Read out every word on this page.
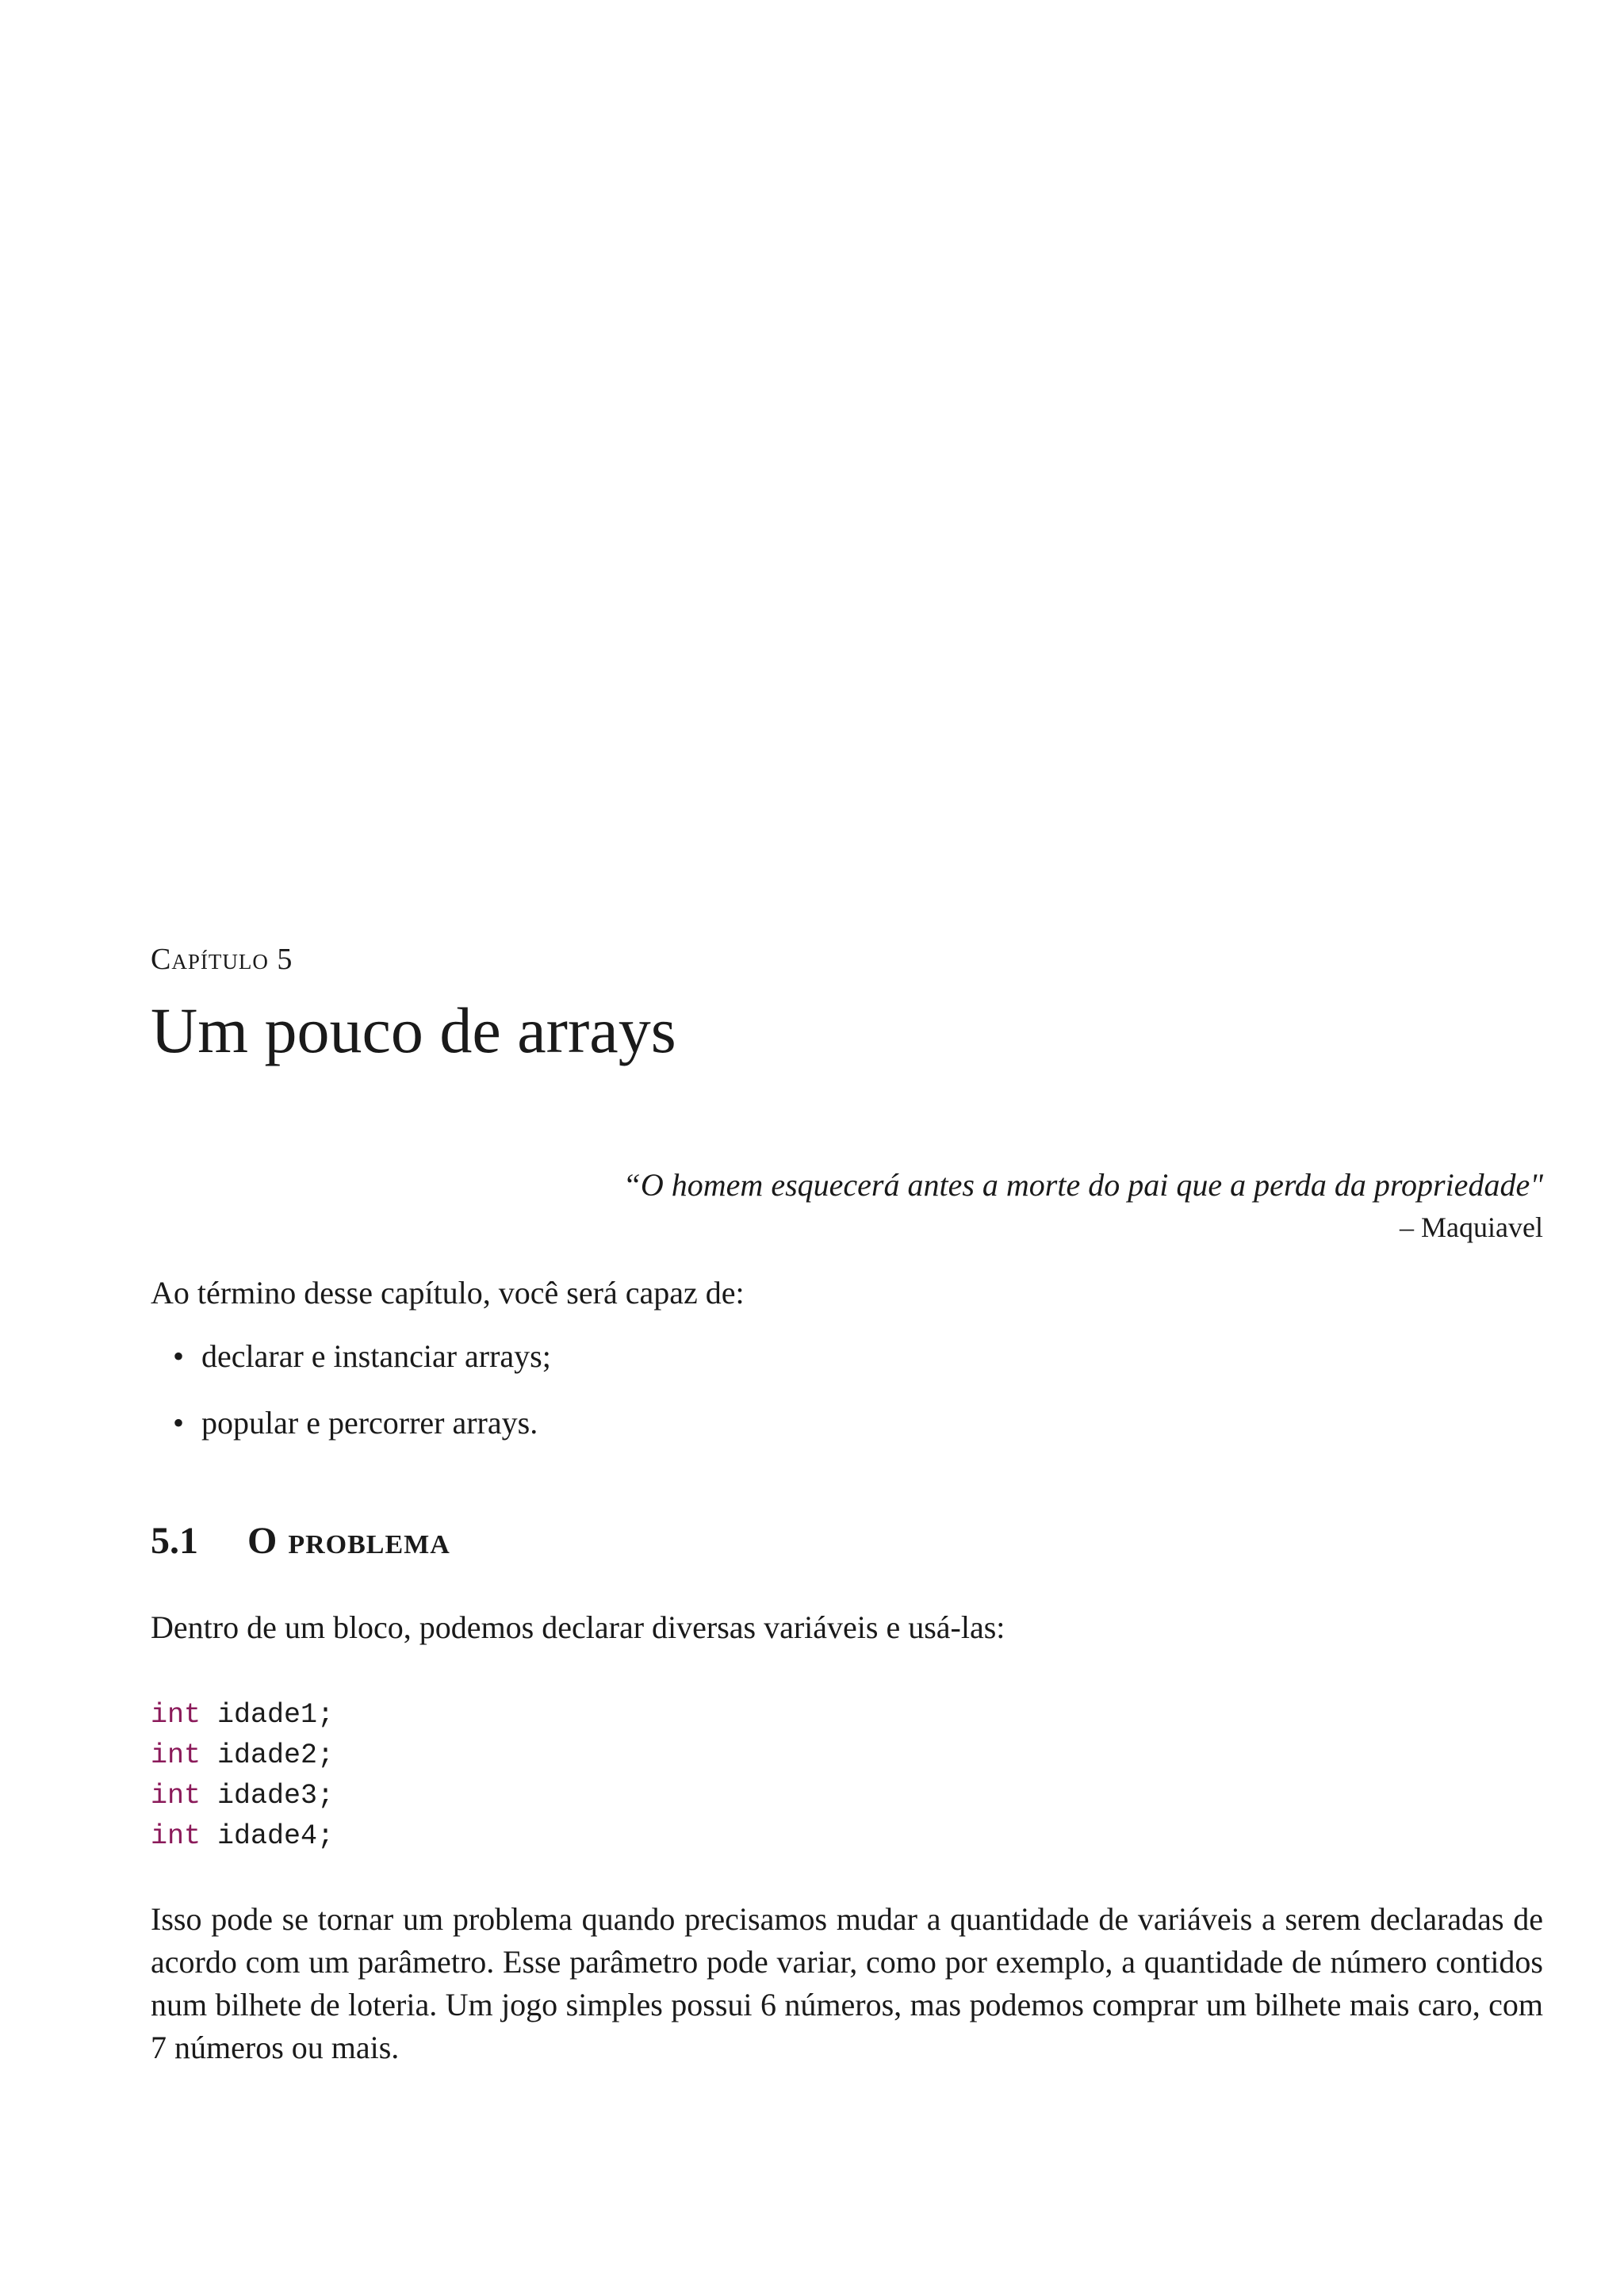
Capítulo 5

Um pouco de arrays
“O homem esquecerá antes a morte do pai que a perda da propriedade"
– Maquiavel

Ao término desse capítulo, você será capaz de:

• declarar e instanciar arrays;
• popular e percorrer arrays.
5.1	O problema

Dentro de um bloco, podemos declarar diversas variáveis e usá-las:

int idade1;
int idade2;
int idade3;
int idade4;

Isso pode se tornar um problema quando precisamos mudar a quantidade de variáveis a serem declaradas de acordo com um parâmetro. Esse parâmetro pode variar, como por exemplo, a quantidade de número contidos num bilhete de loteria. Um jogo simples possui 6 números, mas podemos comprar um bilhete mais caro, com 7 números ou mais.
